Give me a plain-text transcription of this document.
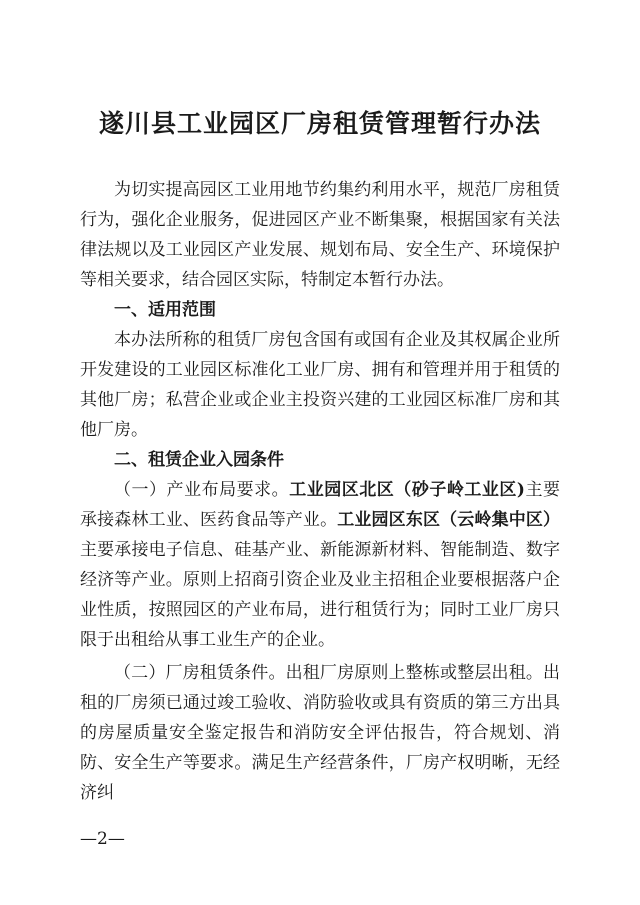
遂川县工业园区厂房租赁管理暂行办法

为切实提高园区工业用地节约集约利用水平，规范厂房租赁行为，强化企业服务，促进园区产业不断集聚，根据国家有关法律法规以及工业园区产业发展、规划布局、安全生产、环境保护等相关要求，结合园区实际，特制定本暂行办法。

一、适用范围

本办法所称的租赁厂房包含国有或国有企业及其权属企业所开发建设的工业园区标准化工业厂房、拥有和管理并用于租赁的其他厂房；私营企业或企业主投资兴建的工业园区标准厂房和其他厂房。

二、租赁企业入园条件

（一）产业布局要求。工业园区北区（砂子岭工业区)主要承接森林工业、医药食品等产业。工业园区东区（云岭集中区）主要承接电子信息、硅基产业、新能源新材料、智能制造、数字经济等产业。原则上招商引资企业及业主招租企业要根据落户企业性质，按照园区的产业布局，进行租赁行为；同时工业厂房只限于出租给从事工业生产的企业。

（二）厂房租赁条件。出租厂房原则上整栋或整层出租。出租的厂房须已通过竣工验收、消防验收或具有资质的第三方出具的房屋质量安全鉴定报告和消防安全评估报告，符合规划、消防、安全生产等要求。满足生产经营条件，厂房产权明晰，无经济纠

—2—
